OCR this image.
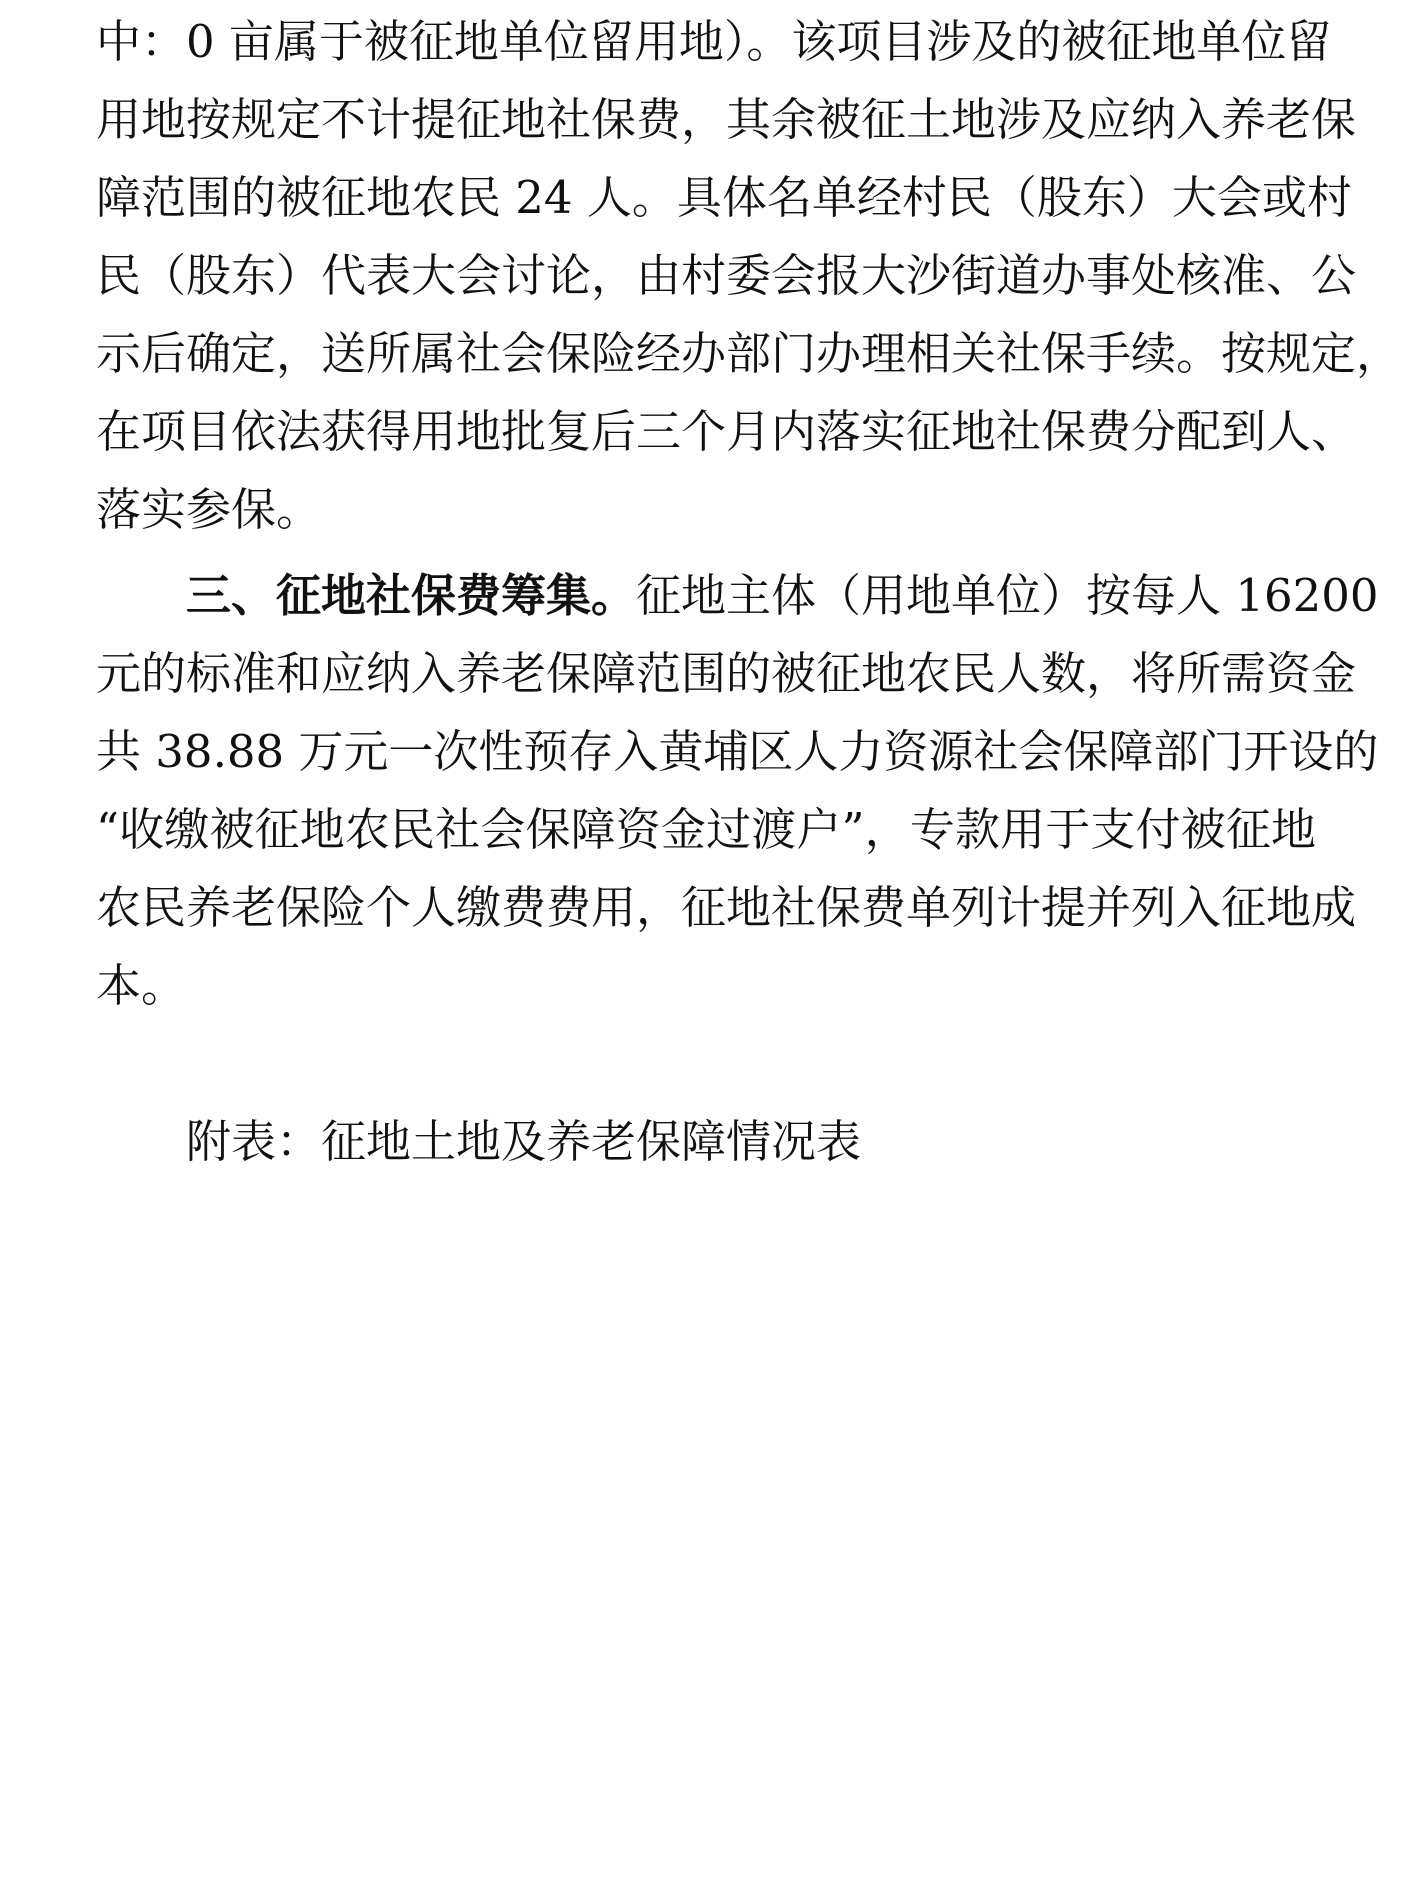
中：0 亩属于被征地单位留用地）。该项目涉及的被征地单位留
用地按规定不计提征地社保费，其余被征土地涉及应纳入养老保
障范围的被征地农民 24 人。具体名单经村民（股东）大会或村
民（股东）代表大会讨论，由村委会报大沙街道办事处核准、公
示后确定，送所属社会保险经办部门办理相关社保手续。按规定，
在项目依法获得用地批复后三个月内落实征地社保费分配到人、
落实参保。
三、征地社保费筹集。征地主体（用地单位）按每人 16200
元的标准和应纳入养老保障范围的被征地农民人数，将所需资金
共 38.88 万元一次性预存入黄埔区人力资源社会保障部门开设的
“收缴被征地农民社会保障资金过渡户”，专款用于支付被征地
农民养老保险个人缴费费用，征地社保费单列计提并列入征地成
本。
附表：征地土地及养老保障情况表
